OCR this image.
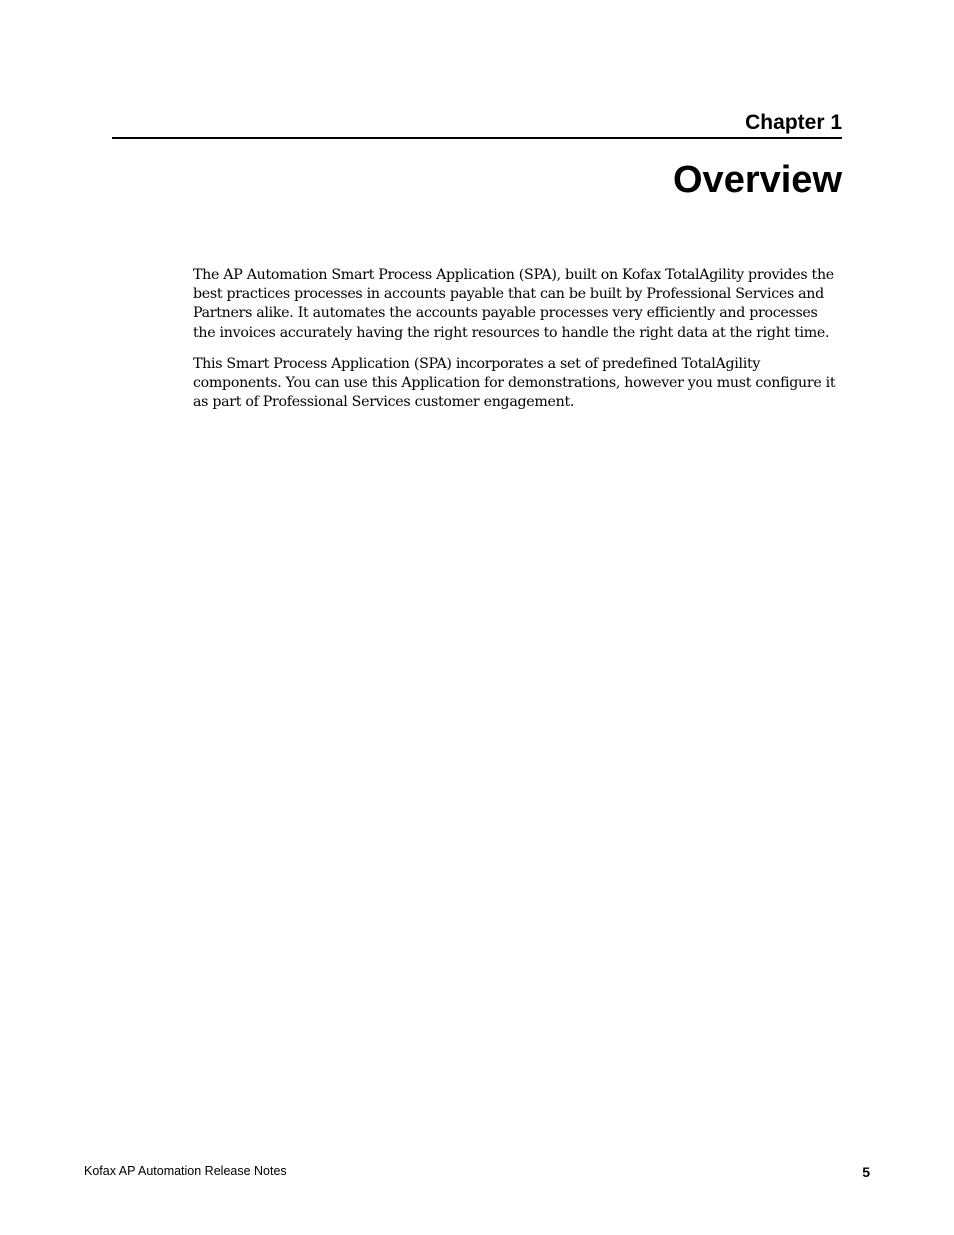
Chapter 1
Overview

The AP Automation Smart Process Application (SPA), built on Kofax TotalAgility provides the best practices processes in accounts payable that can be built by Professional Services and Partners alike. It automates the accounts payable processes very efficiently and processes the invoices accurately having the right resources to handle the right data at the right time.

This Smart Process Application (SPA) incorporates a set of predefined TotalAgility components. You can use this Application for demonstrations, however you must configure it as part of Professional Services customer engagement.

Kofax AP Automation Release Notes	5
